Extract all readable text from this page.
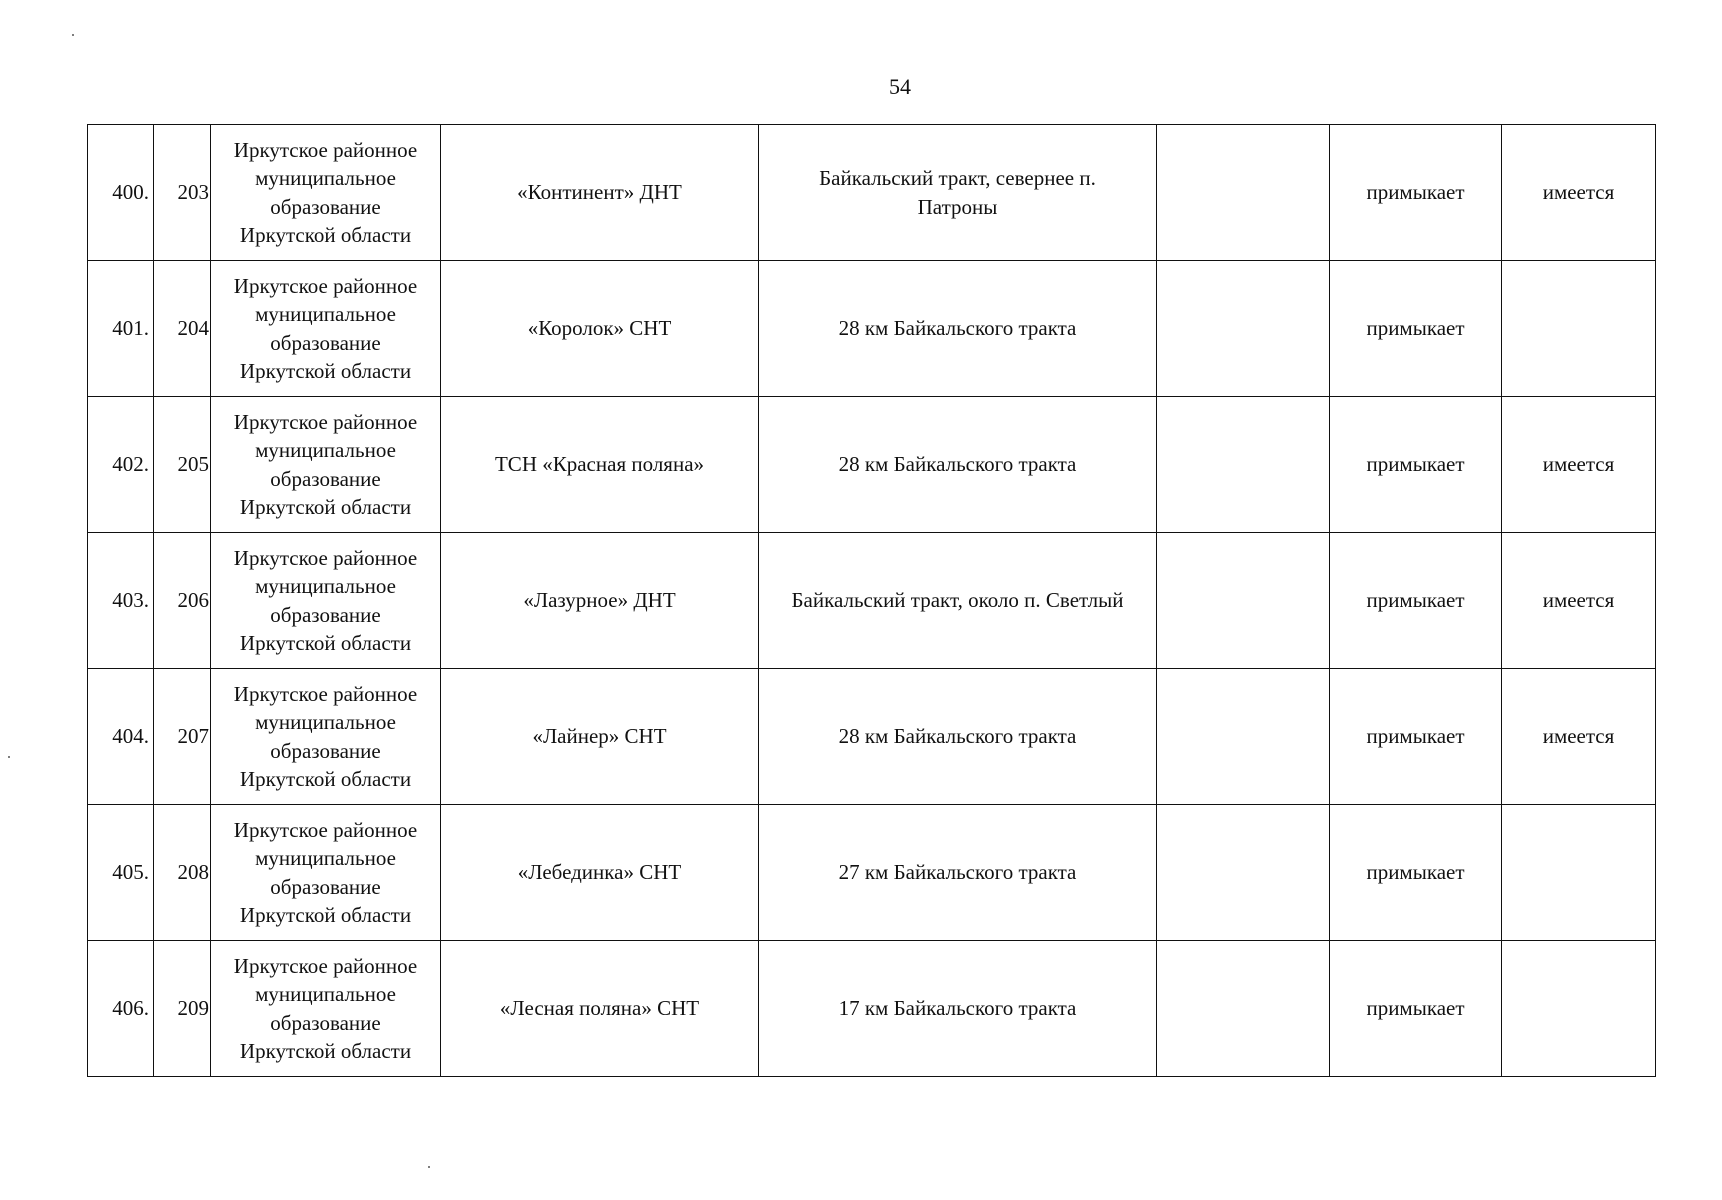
54
400.	203	Иркутское районное
муниципальное
образование
Иркутской области	«Континент» ДНТ	Байкальский тракт, севернее п. Патроны		примыкает	имеется
401.	204	Иркутское районное
муниципальное
образование
Иркутской области	«Королок» СНТ	28 км Байкальского тракта		примыкает	
402.	205	Иркутское районное
муниципальное
образование
Иркутской области	ТСН «Красная поляна»	28 км Байкальского тракта		примыкает	имеется
403.	206	Иркутское районное
муниципальное
образование
Иркутской области	«Лазурное» ДНТ	Байкальский тракт, около п. Светлый		примыкает	имеется
404.	207	Иркутское районное
муниципальное
образование
Иркутской области	«Лайнер» СНТ	28 км Байкальского тракта		примыкает	имеется
405.	208	Иркутское районное
муниципальное
образование
Иркутской области	«Лебединка» СНТ	27 км Байкальского тракта		примыкает	
406.	209	Иркутское районное
муниципальное
образование
Иркутской области	«Лесная поляна» СНТ	17 км Байкальского тракта		примыкает	
